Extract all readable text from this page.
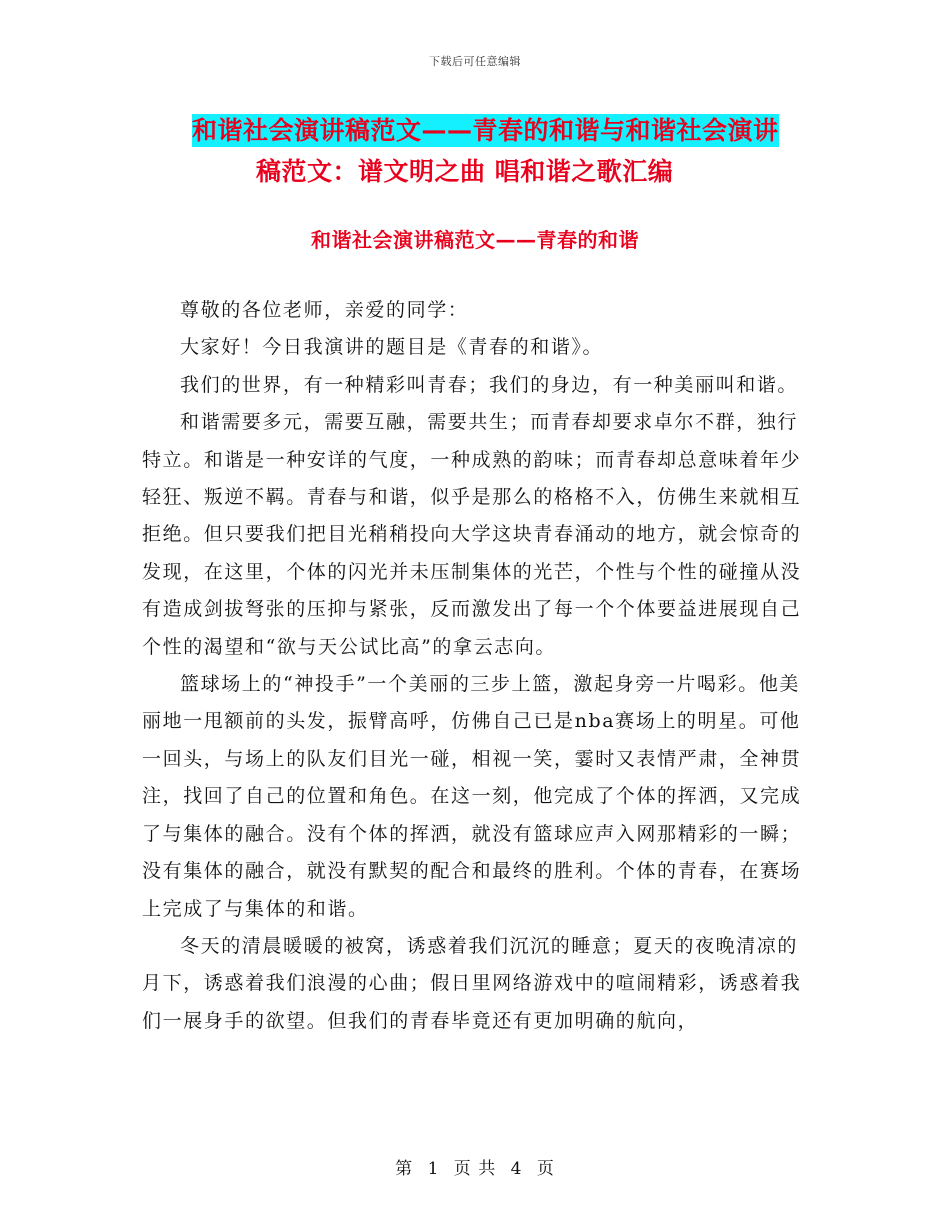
下载后可任意编辑
和谐社会演讲稿范文——青春的和谐与和谐社会演讲
稿范文：谱文明之曲 唱和谐之歌汇编
和谐社会演讲稿范文——青春的和谐

尊敬的各位老师，亲爱的同学：

大家好！今日我演讲的题目是《青春的和谐》。

我们的世界，有一种精彩叫青春；我们的身边，有一种美丽叫和谐。

和谐需要多元，需要互融，需要共生；而青春却要求卓尔不群，独行特立。和谐是一种安详的气度，一种成熟的韵味；而青春却总意味着年少轻狂、叛逆不羁。青春与和谐，似乎是那么的格格不入，仿佛生来就相互拒绝。但只要我们把目光稍稍投向大学这块青春涌动的地方，就会惊奇的发现，在这里，个体的闪光并未压制集体的光芒，个性与个性的碰撞从没有造成剑拔弩张的压抑与紧张，反而激发出了每一个个体要益进展现自己个性的渴望和“欲与天公试比高”的拿云志向。

篮球场上的“神投手”一个美丽的三步上篮，激起身旁一片喝彩。他美丽地一甩额前的头发，振臂高呼，仿佛自己已是nba赛场上的明星。可他一回头，与场上的队友们目光一碰，相视一笑，霎时又表情严肃，全神贯注，找回了自己的位置和角色。在这一刻，他完成了个体的挥洒，又完成了与集体的融合。没有个体的挥洒，就没有篮球应声入网那精彩的一瞬；没有集体的融合，就没有默契的配合和最终的胜利。个体的青春，在赛场上完成了与集体的和谐。

冬天的清晨暖暖的被窝，诱惑着我们沉沉的睡意；夏天的夜晚清凉的月下，诱惑着我们浪漫的心曲；假日里网络游戏中的喧闹精彩，诱惑着我们一展身手的欲望。但我们的青春毕竟还有更加明确的航向，

第 1 页 共 4 页
